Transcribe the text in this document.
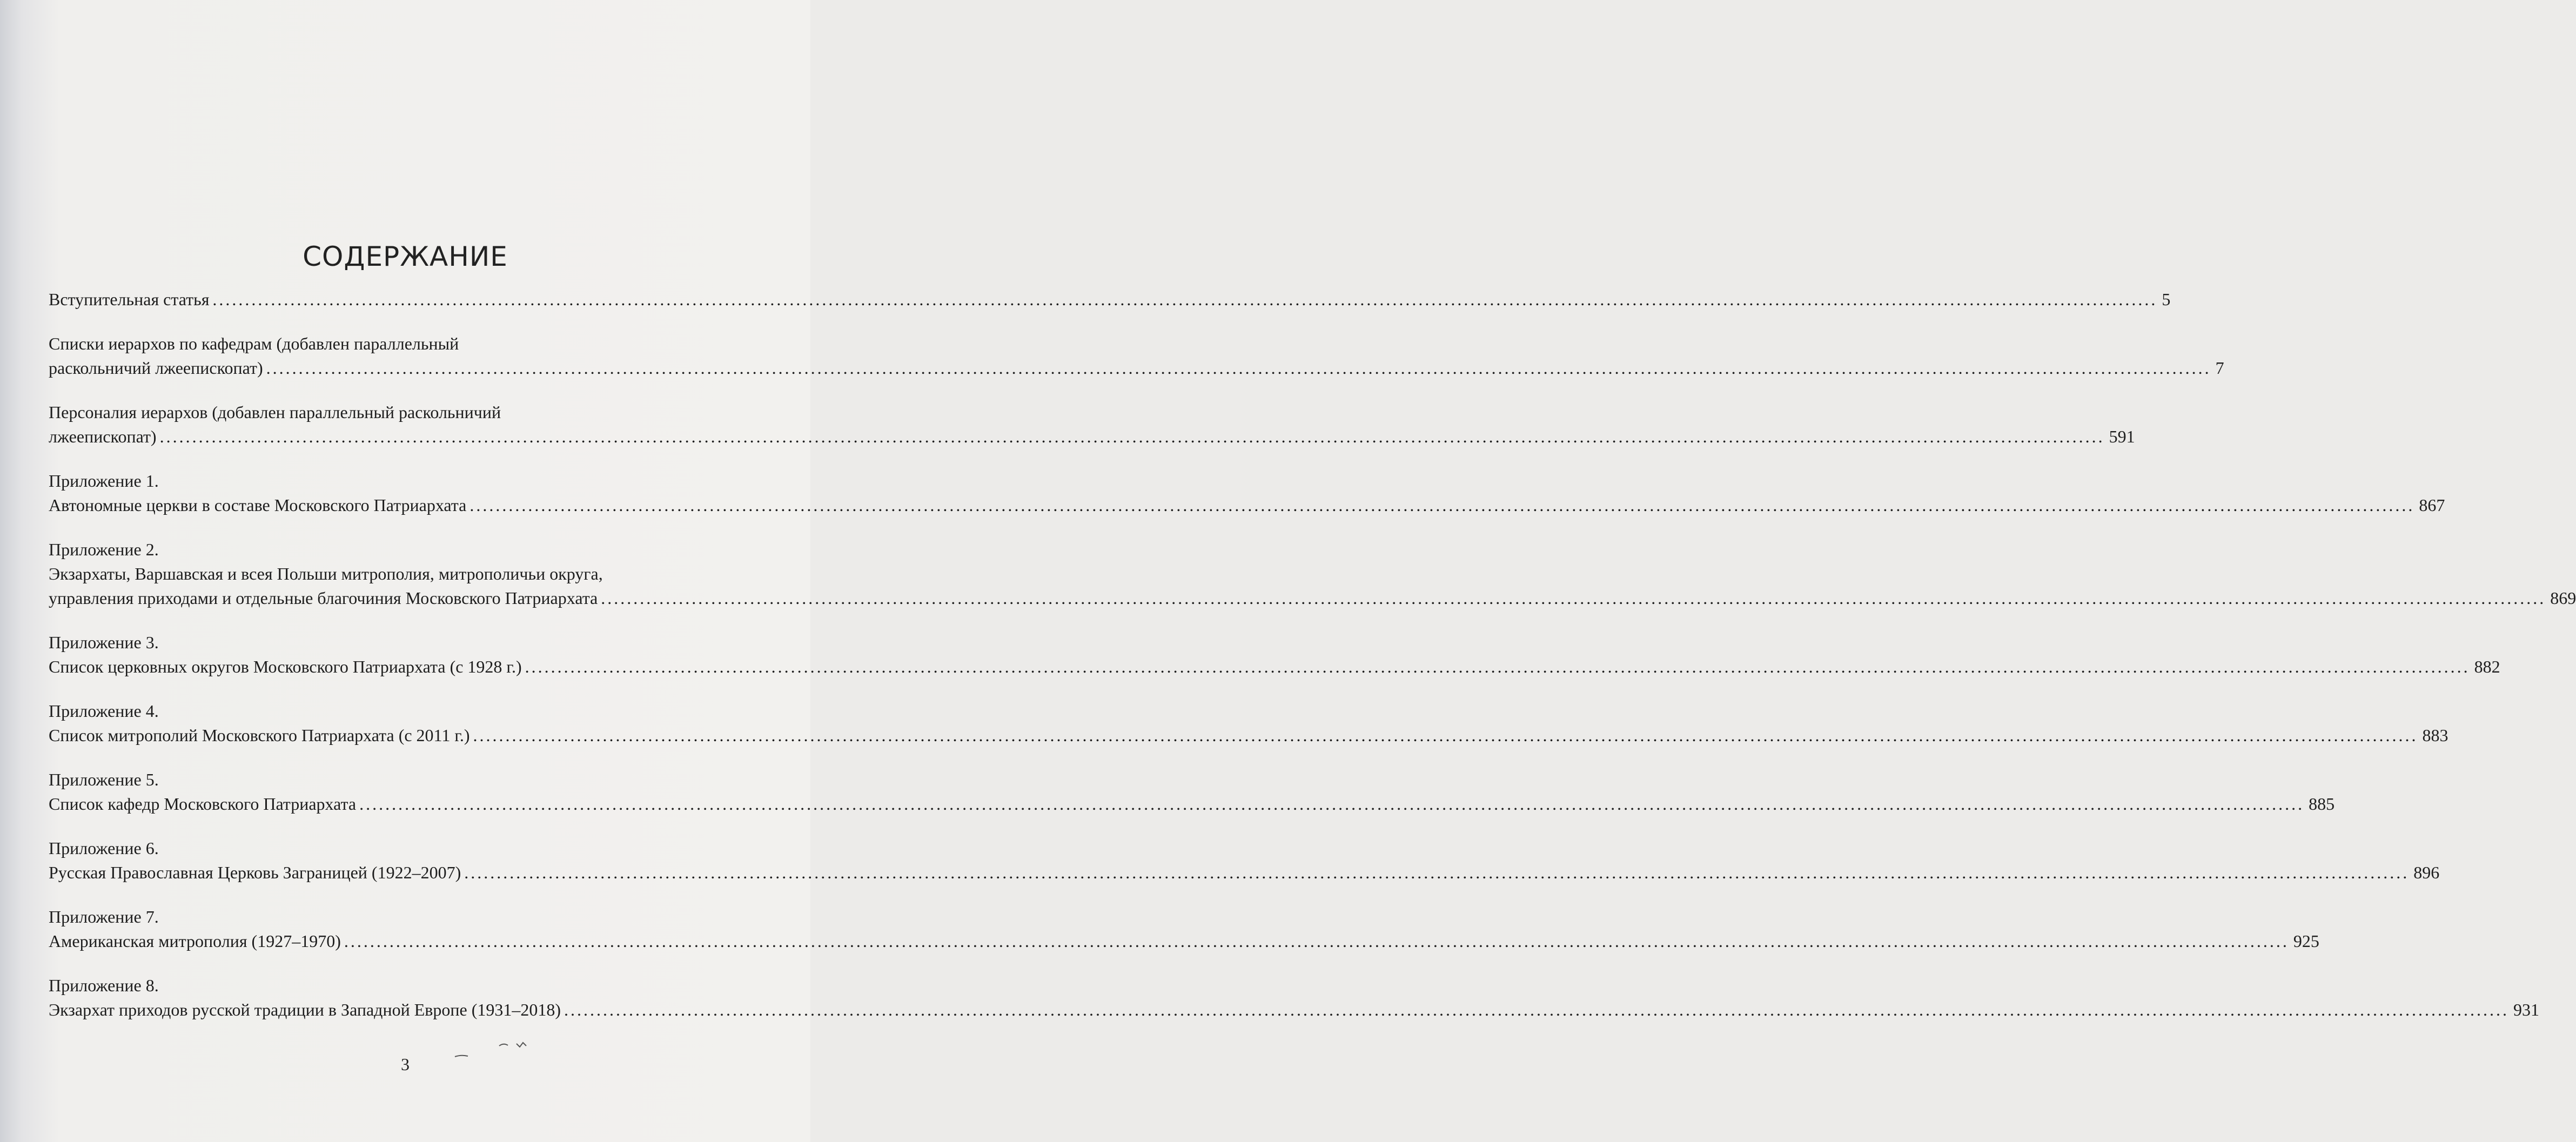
СОДЕРЖАНИЕ
Вступительная статья ............................................................................................................................................................................................................................................................................................................ 5
Списки иерархов по кафедрам (добавлен параллельный
раскольничий лжеепископат) ............................................................................................................................................................................................................................................................................................................ 7
Персоналия иерархов (добавлен параллельный раскольничий
лжеепископат) ............................................................................................................................................................................................................................................................................................................ 591
Приложение 1.
Автономные церкви в составе Московского Патриархата ............................................................................................................................................................................................................................................................................................................ 867
Приложение 2.
Экзархаты, Варшавская и всея Польши митрополия, митрополичьи округа,
управления приходами и отдельные благочиния Московского Патриархата ............................................................................................................................................................................................................................................................................................................ 869
Приложение 3.
Список церковных округов Московского Патриархата (с 1928 г.) ............................................................................................................................................................................................................................................................................................................ 882
Приложение 4.
Список митрополий Московского Патриархата (с 2011 г.) ............................................................................................................................................................................................................................................................................................................ 883
Приложение 5.
Список кафедр Московского Патриархата ............................................................................................................................................................................................................................................................................................................ 885
Приложение 6.
Русская Православная Церковь Заграницей (1922–2007) ............................................................................................................................................................................................................................................................................................................ 896
Приложение 7.
Американская митрополия (1927–1970) ............................................................................................................................................................................................................................................................................................................ 925
Приложение 8.
Экзархат приходов русской традиции в Западной Европе (1931–2018) ............................................................................................................................................................................................................................................................................................................ 931
3
